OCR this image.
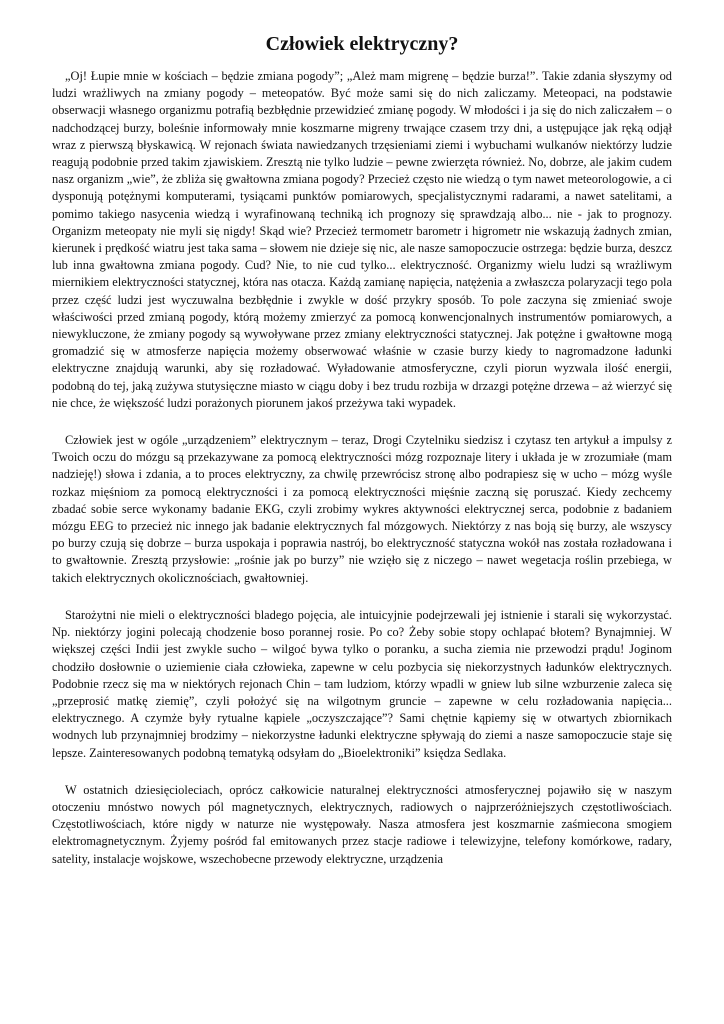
Człowiek elektryczny?

„Oj! Łupie mnie w kościach – będzie zmiana pogody”; „Ależ mam migrenę – będzie burza!”. Takie zdania słyszymy od ludzi wrażliwych na zmiany pogody – meteopatów. Być może sami się do nich zaliczamy. Meteopaci, na podstawie obserwacji własnego organizmu potrafią bezbłędnie przewidzieć zmianę pogody. W młodości i ja się do nich zaliczałem – o nadchodzącej burzy, boleśnie informowały mnie koszmarne migreny trwające czasem trzy dni, a ustępujące jak ręką odjął wraz z pierwszą błyskawicą. W rejonach świata nawiedzanych trzęsieniami ziemi i wybuchami wulkanów niektórzy ludzie reagują podobnie przed takim zjawiskiem. Zresztą nie tylko ludzie – pewne zwierzęta również. No, dobrze, ale jakim cudem nasz organizm „wie”, że zbliża się gwałtowna zmiana pogody? Przecież często nie wiedzą o tym nawet meteorologowie, a ci dysponują potężnymi komputerami, tysiącami punktów pomiarowych, specjalistycznymi radarami, a nawet satelitami, a pomimo takiego nasycenia wiedzą i wyrafinowaną techniką ich prognozy się sprawdzają albo... nie - jak to prognozy. Organizm meteopaty nie myli się nigdy! Skąd wie? Przecież termometr barometr i higrometr nie wskazują żadnych zmian, kierunek i prędkość wiatru jest taka sama – słowem nie dzieje się nic, ale nasze samopoczucie ostrzega: będzie burza, deszcz lub inna gwałtowna zmiana pogody. Cud? Nie, to nie cud tylko... elektryczność. Organizmy wielu ludzi są wrażliwym miernikiem elektryczności statycznej, która nas otacza. Każdą zamianę napięcia, natężenia a zwłaszcza polaryzacji tego pola przez część ludzi jest wyczuwalna bezbłędnie i zwykle w dość przykry sposób. To pole zaczyna się zmieniać swoje właściwości przed zmianą pogody, którą możemy zmierzyć za pomocą konwencjonalnych instrumentów pomiarowych, a niewykluczone, że zmiany pogody są wywoływane przez zmiany elektryczności statycznej. Jak potężne i gwałtowne mogą gromadzić się w atmosferze napięcia możemy obserwować właśnie w czasie burzy kiedy to nagromadzone ładunki elektryczne znajdują warunki, aby się rozładować. Wyładowanie atmosferyczne, czyli piorun wyzwala ilość energii, podobną do tej, jaką zużywa stutysięczne miasto w ciągu doby i bez trudu rozbija w drzazgi potężne drzewa – aż wierzyć się nie chce, że większość ludzi porażonych piorunem jakoś przeżywa taki wypadek.

Człowiek jest w ogóle „urządzeniem” elektrycznym – teraz, Drogi Czytelniku siedzisz i czytasz ten artykuł a impulsy z Twoich oczu do mózgu są przekazywane za pomocą elektryczności mózg rozpoznaje litery i układa je w zrozumiałe (mam nadzieję!) słowa i zdania, a to proces elektryczny, za chwilę przewrócisz stronę albo podrapiesz się w ucho – mózg wyśle rozkaz mięśniom za pomocą elektryczności i za pomocą elektryczności mięśnie zaczną się poruszać. Kiedy zechcemy zbadać sobie serce wykonamy badanie EKG, czyli zrobimy wykres aktywności elektrycznej serca, podobnie z badaniem mózgu EEG to przecież nic innego jak badanie elektrycznych fal mózgowych. Niektórzy z nas boją się burzy, ale wszyscy po burzy czują się dobrze – burza uspokaja i poprawia nastrój, bo elektryczność statyczna wokół nas została rozładowana i to gwałtownie. Zresztą przysłowie: „rośnie jak po burzy” nie wzięło się z niczego – nawet wegetacja roślin przebiega, w takich elektrycznych okolicznościach, gwałtowniej.

Starożytni nie mieli o elektryczności bladego pojęcia, ale intuicyjnie podejrzewali jej istnienie i starali się wykorzystać. Np. niektórzy jogini polecają chodzenie boso porannej rosie. Po co? Żeby sobie stopy ochlapać błotem? Bynajmniej. W większej części Indii jest zwykle sucho – wilgoć bywa tylko o poranku, a sucha ziemia nie przewodzi prądu! Joginom chodziło dosłownie o uziemienie ciała człowieka, zapewne w celu pozbycia się niekorzystnych ładunków elektrycznych. Podobnie rzecz się ma w niektórych rejonach Chin – tam ludziom, którzy wpadli w gniew lub silne wzburzenie zaleca się „przeprosić matkę ziemię”, czyli położyć się na wilgotnym gruncie – zapewne w celu rozładowania napięcia... elektrycznego. A czymże były rytualne kąpiele „oczyszczające”? Sami chętnie kąpiemy się w otwartych zbiornikach wodnych lub przynajmniej brodzimy – niekorzystne ładunki elektryczne spływają do ziemi a nasze samopoczucie staje się lepsze. Zainteresowanych podobną tematyką odsyłam do „Bioelektroniki” księdza Sedlaka.

W ostatnich dziesięcioleciach, oprócz całkowicie naturalnej elektryczności atmosferycznej pojawiło się w naszym otoczeniu mnóstwo nowych pól magnetycznych, elektrycznych, radiowych o najprzeróżniejszych częstotliwościach. Częstotliwościach, które nigdy w naturze nie występowały. Nasza atmosfera jest koszmarnie zaśmiecona smogiem elektromagnetycznym. Żyjemy pośród fal emitowanych przez stacje radiowe i telewizyjne, telefony komórkowe, radary, satelity, instalacje wojskowe, wszechobecne przewody elektryczne, urządzenia
